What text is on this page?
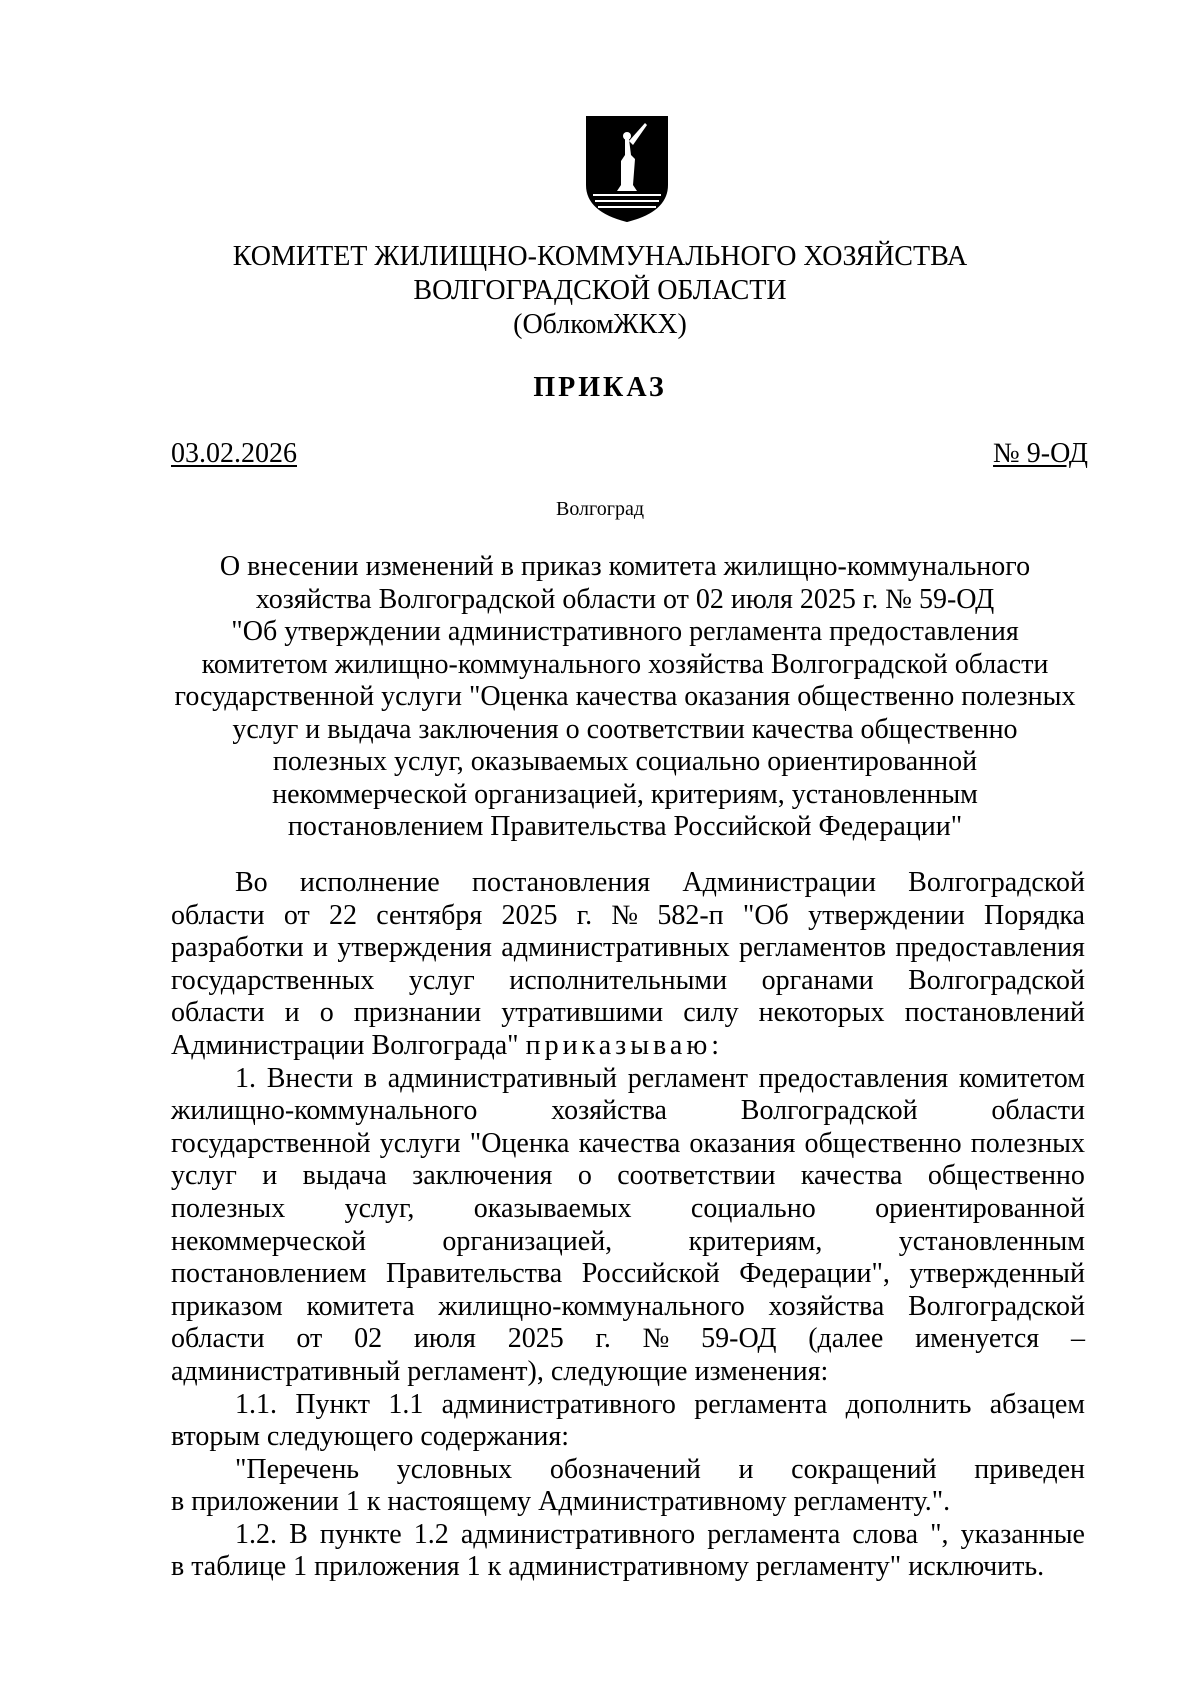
КОМИТЕТ ЖИЛИЩНО-КОММУНАЛЬНОГО ХОЗЯЙСТВА
ВОЛГОГРАДСКОЙ ОБЛАСТИ
(ОблкомЖКХ)
ПРИКАЗ
03.02.2026	№ 9-ОД
Волгоград
О внесении изменений в приказ комитета жилищно-коммунального
хозяйства Волгоградской области от 02 июля 2025 г. № 59-ОД
"Об утверждении административного регламента предоставления
комитетом жилищно-коммунального хозяйства Волгоградской области
государственной услуги "Оценка качества оказания общественно полезных
услуг и выдача заключения о соответствии качества общественно
полезных услуг, оказываемых социально ориентированной
некоммерческой организацией, критериям, установленным
постановлением Правительства Российской Федерации"
Во исполнение постановления Администрации Волгоградской
области от 22 сентября 2025 г. № 582-п "Об утверждении Порядка
разработки и утверждения административных регламентов предоставления
государственных услуг исполнительными органами Волгоградской
области и о признании утратившими силу некоторых постановлений
Администрации Волгограда" приказываю:
1. Внести в административный регламент предоставления комитетом
жилищно-коммунального	хозяйства	Волгоградской	области
государственной услуги "Оценка качества оказания общественно полезных
услуг и выдача заключения о соответствии качества общественно
полезных услуг, оказываемых социально ориентированной
некоммерческой	организацией,	критериям,	установленным
постановлением Правительства Российской Федерации", утвержденный
приказом комитета жилищно-коммунального хозяйства Волгоградской
области от 02 июля 2025 г. № 59-ОД (далее именуется –
административный регламент), следующие изменения:
1.1. Пункт 1.1 административного регламента дополнить абзацем
вторым следующего содержания:
"Перечень условных обозначений и сокращений приведен
в приложении 1 к настоящему Административному регламенту.".
1.2. В пункте 1.2 административного регламента слова ", указанные
в таблице 1 приложения 1 к административному регламенту" исключить.
